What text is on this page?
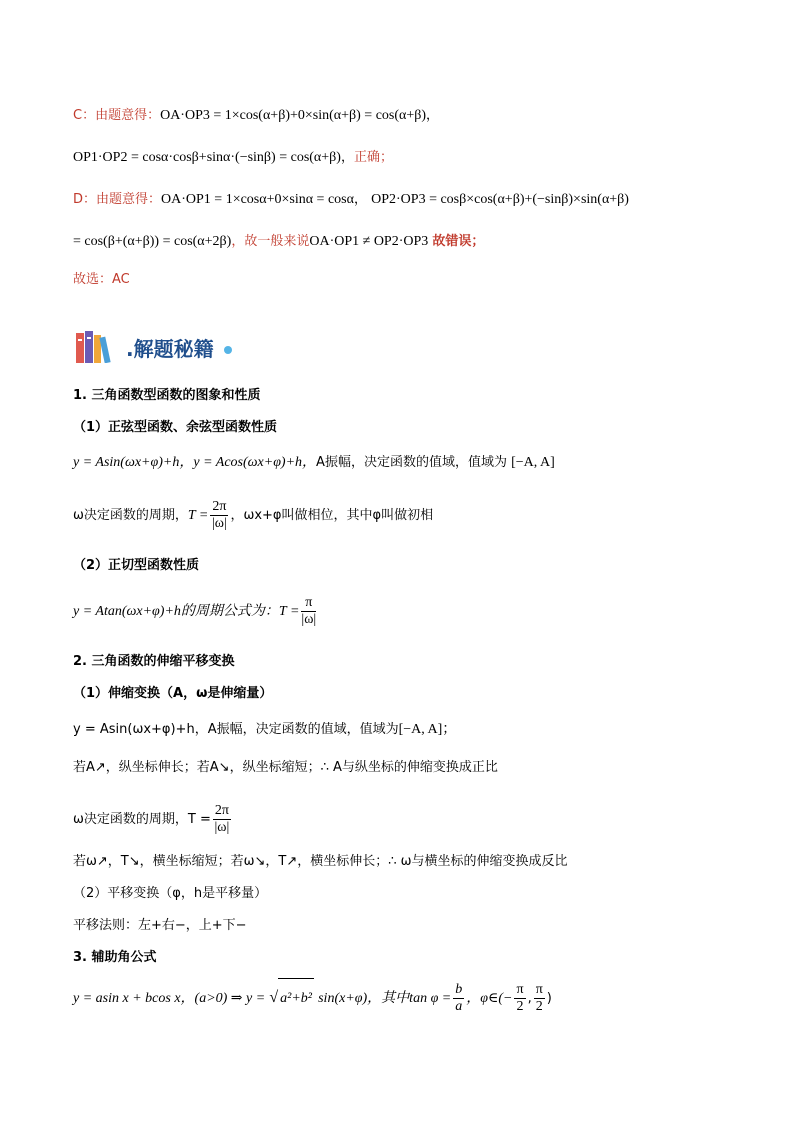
C：由题意得：OA·OP3 = 1×cos(α+β)+0×sin(α+β) = cos(α+β)，
OP1·OP2 = cosα·cosβ+sinα·(−sinβ) = cos(α+β)，正确；
D：由题意得：OA·OP1 = 1×cosα+0×sinα = cosα， OP2·OP3 = cosβ×cos(α+β)+(−sinβ)×sin(α+β)
= cos(β+(α+β)) = cos(α+2β)，故一般来说OA·OP1 ≠ OP2·OP3 故错误；
故选：AC
.解题秘籍
1. 三角函数型函数的图象和性质
（1）正弦型函数、余弦型函数性质
y = Asin(ωx+φ)+h，y = Acos(ωx+φ)+h，A振幅，决定函数的值域，值域为 [−A, A]
ω决定函数的周期，$T = \frac{2\pi}{|\omega|}$ ，ωx+φ叫做相位，其中φ叫做初相
（2）正切型函数性质
y = Atan(ωx+φ)+h的周期公式为：$T = \frac{\pi}{|\omega|}$
2. 三角函数的伸缩平移变换
（1）伸缩变换（A，ω是伸缩量）
y = Asin(ωx+φ)+h，A振幅，决定函数的值域，值域为[−A, A]；
若A↗，纵坐标伸长；若A↘，纵坐标缩短；∴ A与纵坐标的伸缩变换成正比
ω决定函数的周期，$T = \frac{2\pi}{|\omega|}$
若ω↗，T↘，横坐标缩短；若ω↘，T↗，横坐标伸长；∴ ω与横坐标的伸缩变换成反比
（2）平移变换（φ，h是平移量）
平移法则：左+右−，上+下−
3. 辅助角公式
y = asin x + bcos x，(a>0) ⇒ y = √ a²+b² sin(x+φ)，其中$\tan \varphi = \frac{b}{a}$ ，φ∈(− $\frac{\pi}{2}$ , $\frac{\pi}{2}$ )
